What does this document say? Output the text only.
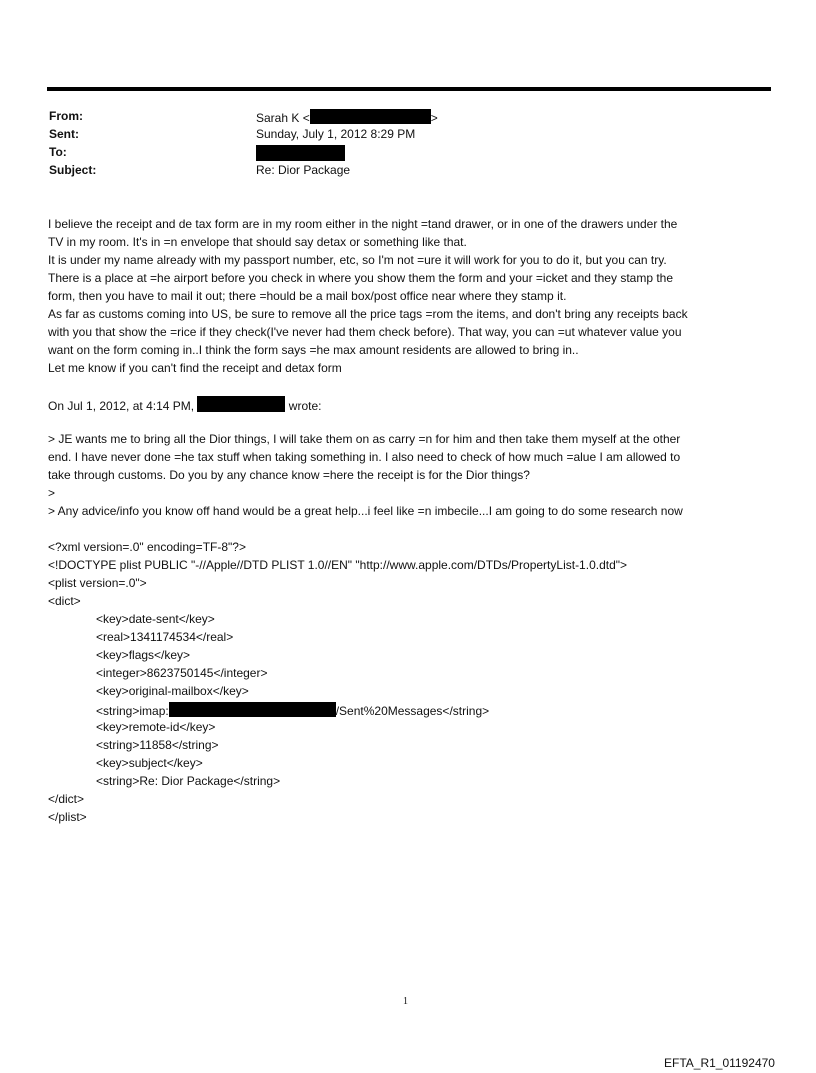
From:	Sarah K <	>
Sent:	Sunday, July 1, 2012 8:29 PM
To:
Subject:	Re: Dior Package
I believe the receipt and de tax form are in my room either in the night =tand drawer, or in one of the drawers under the
TV in my room. It's in =n envelope that should say detax or something like that.
It is under my name already with my passport number, etc, so I'm not =ure it will work for you to do it, but you can try.
There is a place at =he airport before you check in where you show them the form and your =icket and they stamp the
form, then you have to mail it out; there =hould be a mail box/post office near where they stamp it.
As far as customs coming into US, be sure to remove all the price tags =rom the items, and don't bring any receipts back
with you that show the =rice if they check(I've never had them check before). That way, you can =ut whatever value you
want on the form coming in..I think the form says =he max amount residents are allowed to bring in..
Let me know if you can't find the receipt and detax form
On Jul 1, 2012, at 4:14 PM,	wrote:
> JE wants me to bring all the Dior things, I will take them on as carry =n for him and then take them myself at the other
end. I have never done =he tax stuff when taking something in. I also need to check of how much =alue I am allowed to
take through customs. Do you by any chance know =here the receipt is for the Dior things?
>
> Any advice/info you know off hand would be a great help...i feel like =n imbecile...I am going to do some research now
<?xml version=.0" encoding=TF-8"?>
<!DOCTYPE plist PUBLIC "-//Apple//DTD PLIST 1.0//EN" "http://www.apple.com/DTDs/PropertyList-1.0.dtd">
<plist version=.0">
<dict>
<key>date-sent</key>
<real>1341174534</real>
<key>flags</key>
<integer>8623750145</integer>
<key>original-mailbox</key>
<string>imap:	/Sent%20Messages</string>
<key>remote-id</key>
<string>11858</string>
<key>subject</key>
<string>Re: Dior Package</string>
</dict>
</plist>
1
EFTA_R1_01192470
